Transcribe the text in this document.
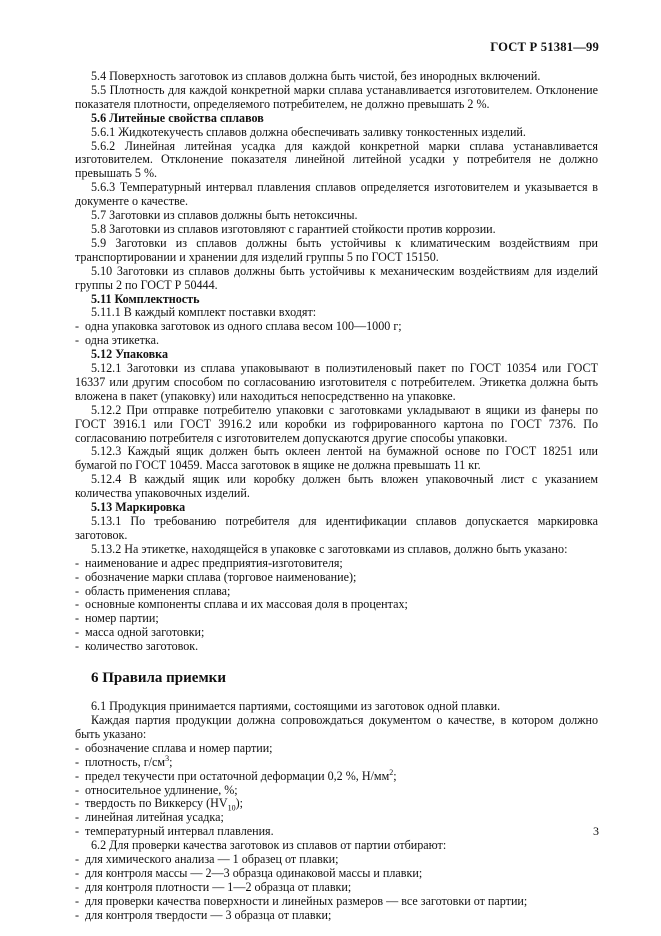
ГОСТ Р 51381—99

5.4 Поверхность заготовок из сплавов должна быть чистой, без инородных включений.

5.5 Плотность для каждой конкретной марки сплава устанавливается изготовителем. Отклонение показателя плотности, определяемого потребителем, не должно превышать 2 %.

5.6 Литейные свойства сплавов

5.6.1 Жидкотекучесть сплавов должна обеспечивать заливку тонкостенных изделий.

5.6.2 Линейная литейная усадка для каждой конкретной марки сплава устанавливается изготовителем. Отклонение показателя линейной литейной усадки у потребителя не должно превышать 5 %.

5.6.3 Температурный интервал плавления сплавов определяется изготовителем и указывается в документе о качестве.

5.7 Заготовки из сплавов должны быть нетоксичны.

5.8 Заготовки из сплавов изготовляют с гарантией стойкости против коррозии.

5.9 Заготовки из сплавов должны быть устойчивы к климатическим воздействиям при транспортировании и хранении для изделий группы 5 по ГОСТ 15150.

5.10 Заготовки из сплавов должны быть устойчивы к механическим воздействиям для изделий группы 2 по ГОСТ Р 50444.

5.11 Комплектность

5.11.1 В каждый комплект поставки входят:

- одна упаковка заготовок из одного сплава весом 100—1000 г;

- одна этикетка.

5.12 Упаковка

5.12.1 Заготовки из сплава упаковывают в полиэтиленовый пакет по ГОСТ 10354 или ГОСТ 16337 или другим способом по согласованию изготовителя с потребителем. Этикетка должна быть вложена в пакет (упаковку) или находиться непосредственно на упаковке.

5.12.2 При отправке потребителю упаковки с заготовками укладывают в ящики из фанеры по ГОСТ 3916.1 или ГОСТ 3916.2 или коробки из гофрированного картона по ГОСТ 7376. По согласованию потребителя с изготовителем допускаются другие способы упаковки.

5.12.3 Каждый ящик должен быть оклеен лентой на бумажной основе по ГОСТ 18251 или бумагой по ГОСТ 10459. Масса заготовок в ящике не должна превышать 11 кг.

5.12.4 В каждый ящик или коробку должен быть вложен упаковочный лист с указанием количества упаковочных изделий.

5.13 Маркировка

5.13.1 По требованию потребителя для идентификации сплавов допускается маркировка заготовок.

5.13.2 На этикетке, находящейся в упаковке с заготовками из сплавов, должно быть указано:

- наименование и адрес предприятия-изготовителя;

- обозначение марки сплава (торговое наименование);

- область применения сплава;

- основные компоненты сплава и их массовая доля в процентах;

- номер партии;

- масса одной заготовки;

- количество заготовок.

6 Правила приемки

6.1 Продукция принимается партиями, состоящими из заготовок одной плавки.

Каждая партия продукции должна сопровождаться документом о качестве, в котором должно быть указано:

- обозначение сплава и номер партии;

- плотность, $г/см^3$;

- предел текучести при остаточной деформации 0,2 %, $Н/мм^2$;

- относительное удлинение, %;

- твердость по Виккерсу $(HV_{10})$;

- линейная литейная усадка;

- температурный интервал плавления.

6.2 Для проверки качества заготовок из сплавов от партии отбирают:

- для химического анализа — 1 образец от плавки;

- для контроля массы — 2—3 образца одинаковой массы и плавки;

- для контроля плотности — 1—2 образца от плавки;

- для проверки качества поверхности и линейных размеров — все заготовки от партии;

- для контроля твердости — 3 образца от плавки;

3
